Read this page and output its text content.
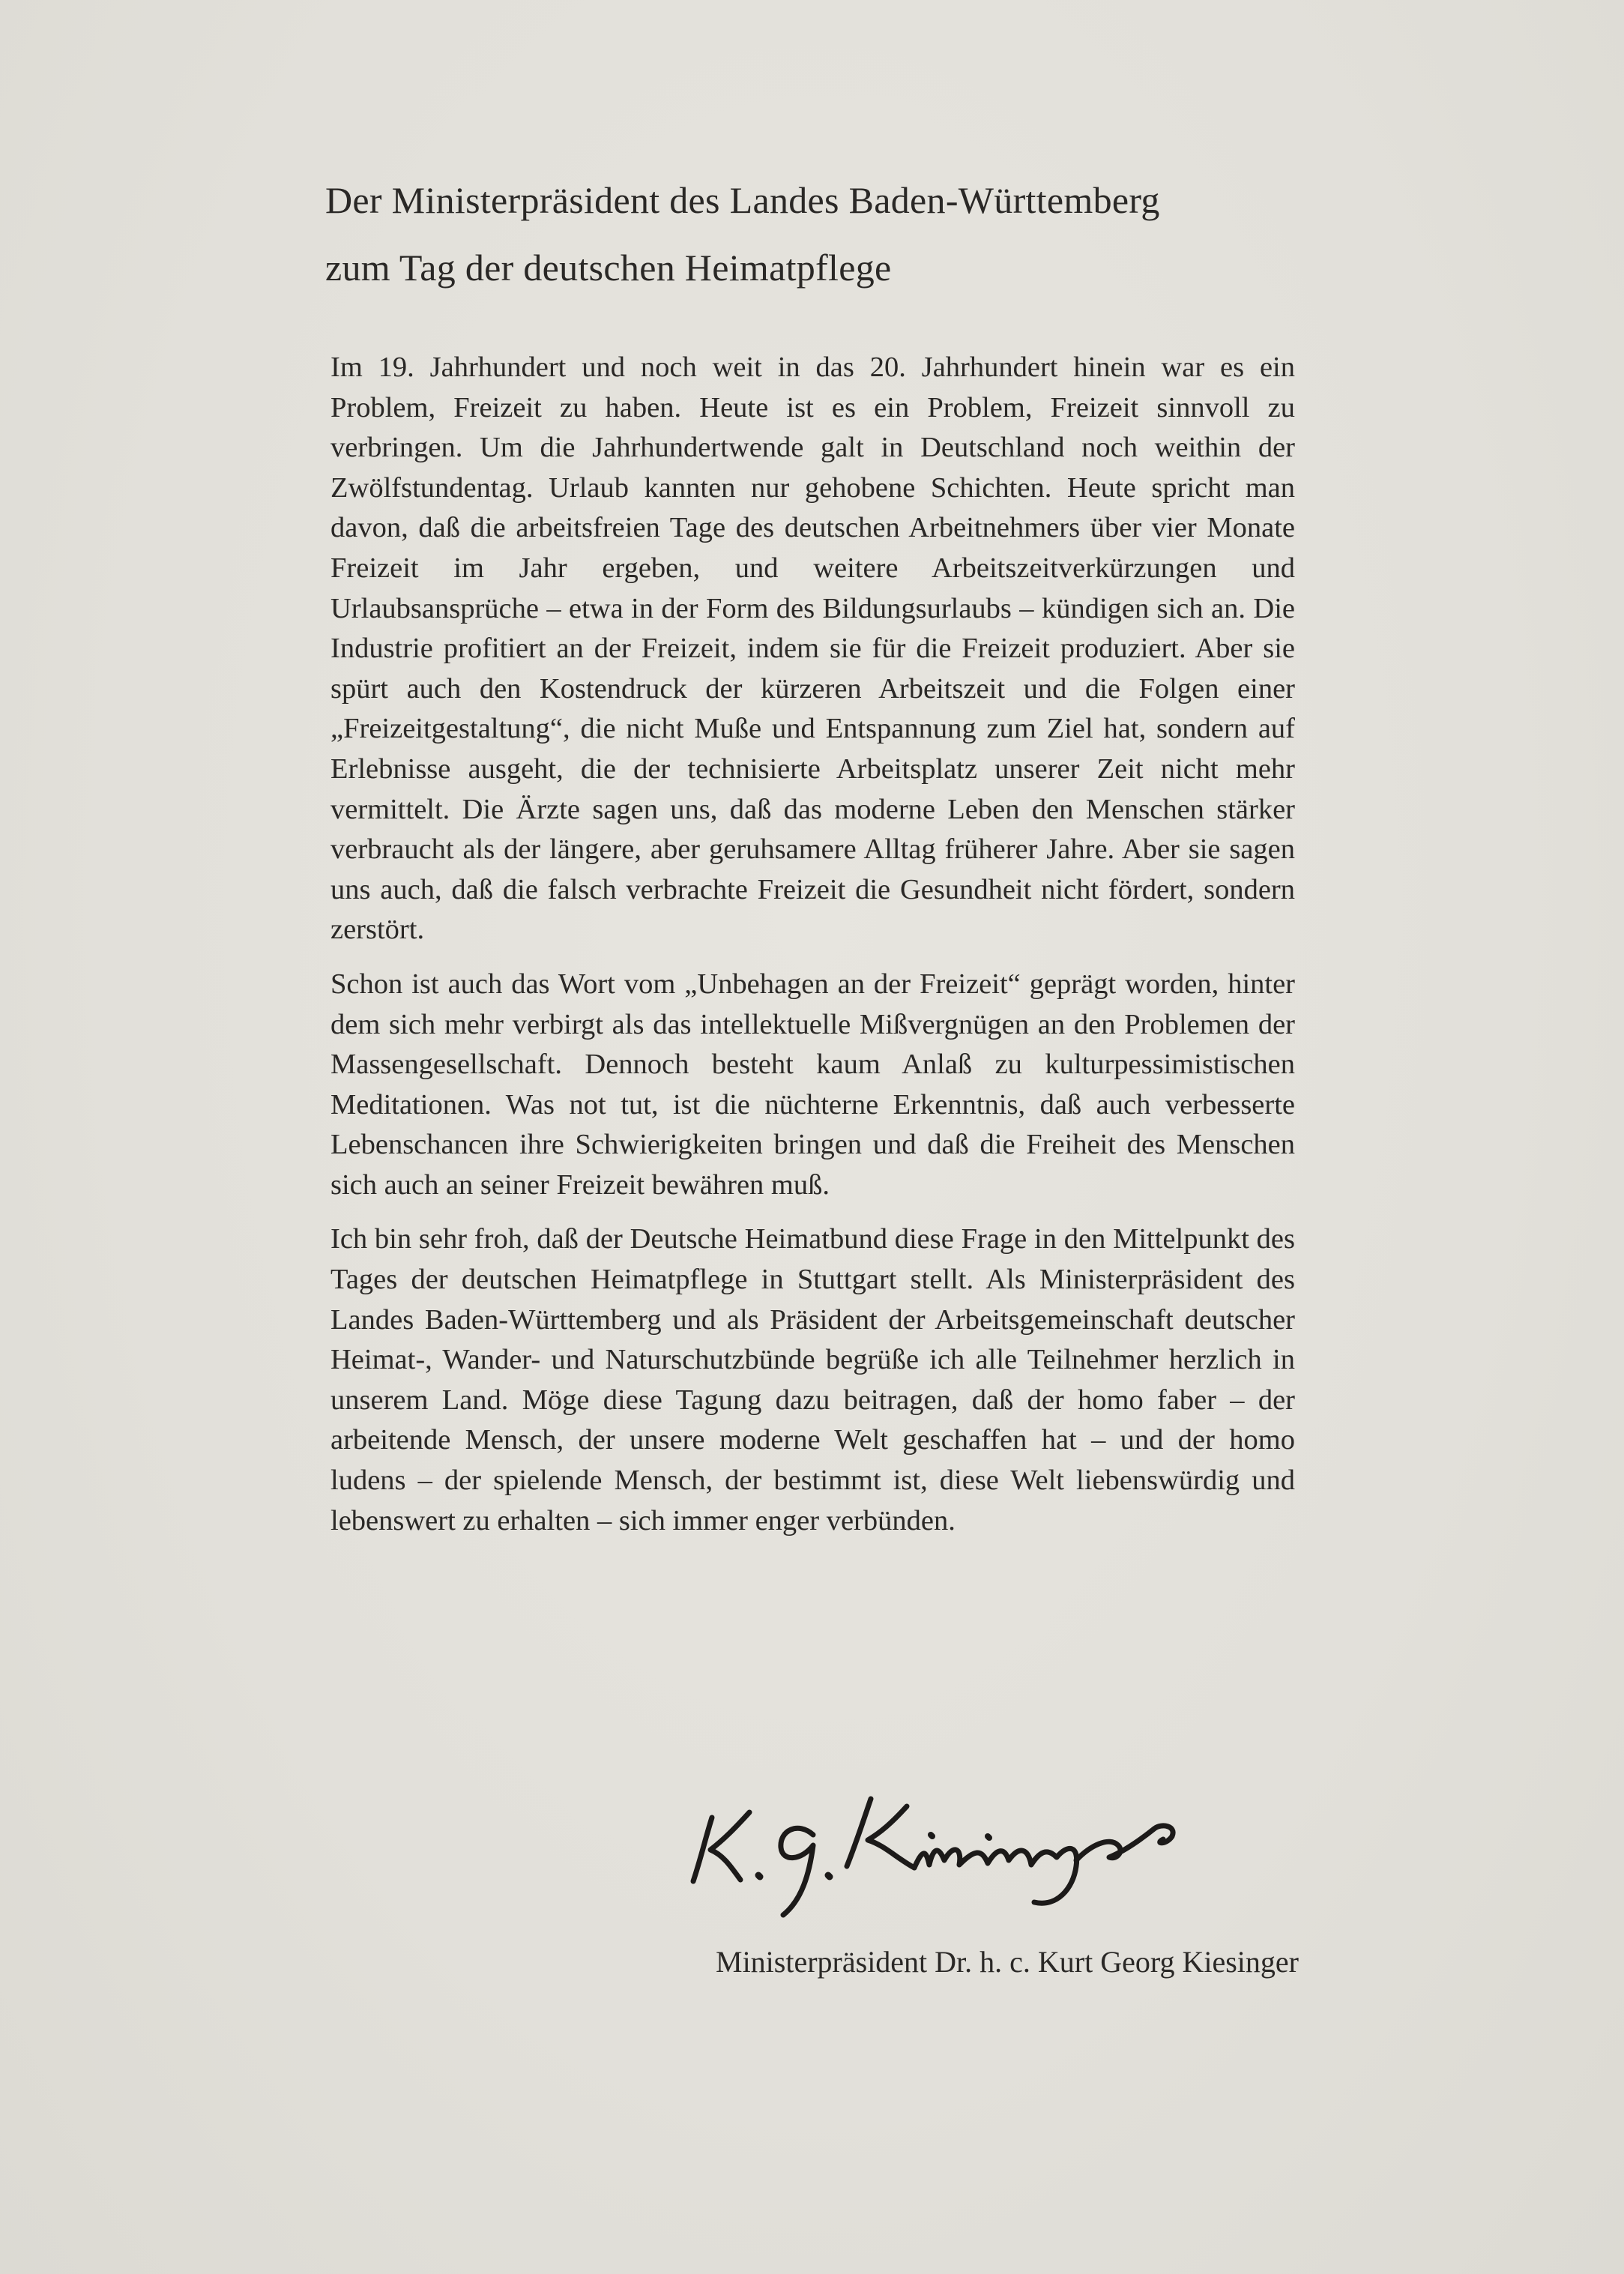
Der Ministerpräsident des Landes Baden-Württemberg
zum Tag der deutschen Heimatpflege

Im 19. Jahrhundert und noch weit in das 20. Jahrhundert hinein war es ein Problem, Freizeit zu haben. Heute ist es ein Problem, Freizeit sinnvoll zu verbringen. Um die Jahrhundertwende galt in Deutschland noch weithin der Zwölfstundentag. Urlaub kannten nur gehobene Schichten. Heute spricht man davon, daß die arbeitsfreien Tage des deutschen Arbeitnehmers über vier Monate Freizeit im Jahr ergeben, und weitere Arbeitszeitverkürzungen und Urlaubsansprüche – etwa in der Form des Bildungsurlaubs – kündigen sich an. Die Industrie profitiert an der Freizeit, indem sie für die Freizeit produziert. Aber sie spürt auch den Kostendruck der kürzeren Arbeitszeit und die Folgen einer „Freizeitgestaltung“, die nicht Muße und Entspannung zum Ziel hat, sondern auf Erlebnisse ausgeht, die der technisierte Arbeitsplatz unserer Zeit nicht mehr vermittelt. Die Ärzte sagen uns, daß das moderne Leben den Menschen stärker verbraucht als der längere, aber geruhsamere Alltag früherer Jahre. Aber sie sagen uns auch, daß die falsch verbrachte Freizeit die Gesundheit nicht fördert, sondern zerstört.

Schon ist auch das Wort vom „Unbehagen an der Freizeit“ geprägt worden, hinter dem sich mehr verbirgt als das intellektuelle Mißvergnügen an den Problemen der Massengesellschaft. Dennoch besteht kaum Anlaß zu kulturpessimistischen Meditationen. Was not tut, ist die nüchterne Erkenntnis, daß auch verbesserte Lebenschancen ihre Schwierigkeiten bringen und daß die Freiheit des Menschen sich auch an seiner Freizeit bewähren muß.

Ich bin sehr froh, daß der Deutsche Heimatbund diese Frage in den Mittelpunkt des Tages der deutschen Heimatpflege in Stuttgart stellt. Als Ministerpräsident des Landes Baden-Württemberg und als Präsident der Arbeitsgemeinschaft deutscher Heimat-, Wander- und Naturschutzbünde begrüße ich alle Teilnehmer herzlich in unserem Land. Möge diese Tagung dazu beitragen, daß der homo faber – der arbeitende Mensch, der unsere moderne Welt geschaffen hat – und der homo ludens – der spielende Mensch, der bestimmt ist, diese Welt liebenswürdig und lebenswert zu erhalten – sich immer enger verbünden.

Ministerpräsident Dr. h. c. Kurt Georg Kiesinger
